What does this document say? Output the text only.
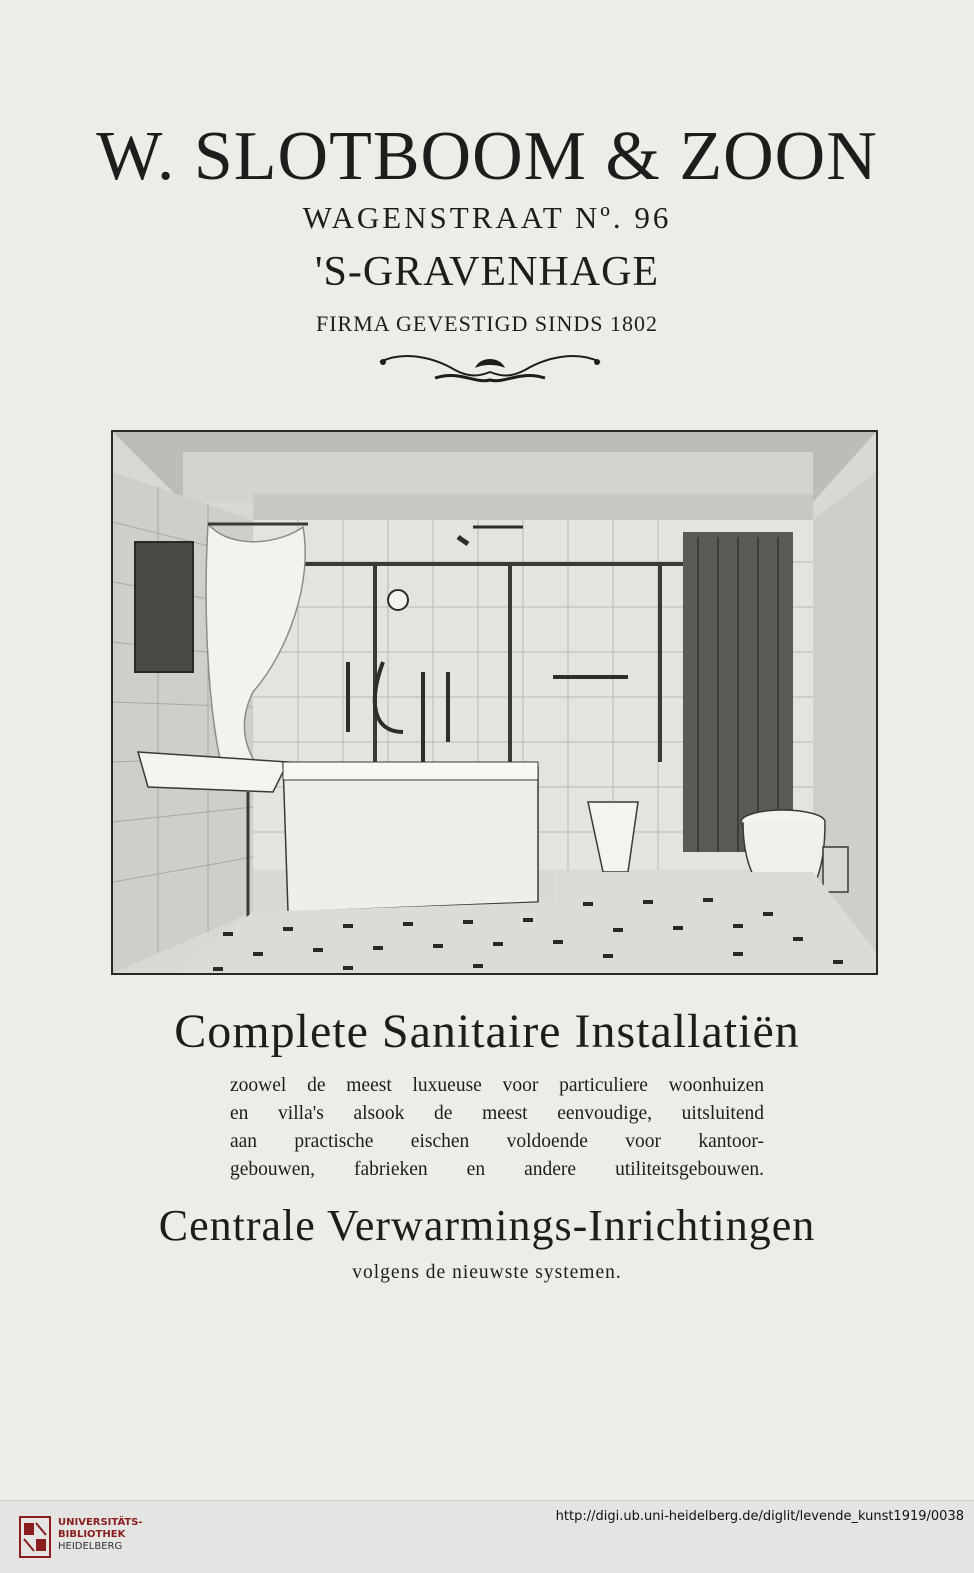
W. SLOTBOOM & ZOON
WAGENSTRAAT Nº. 96
'S-GRAVENHAGE
FIRMA GEVESTIGD SINDS 1802
Complete Sanitaire Installatiën
zoowel de meest luxueuse voor particuliere woonhuizen
en villa's alsook de meest eenvoudige, uitsluitend
aan practische eischen voldoende voor kantoor-
gebouwen, fabrieken en andere utiliteitsgebouwen.
Centrale Verwarmings-Inrichtingen
volgens de nieuwste systemen.
UNIVERSITÄTS-
BIBLIOTHEK
HEIDELBERG
http://digi.ub.uni-heidelberg.de/diglit/levende_kunst1919/0038
